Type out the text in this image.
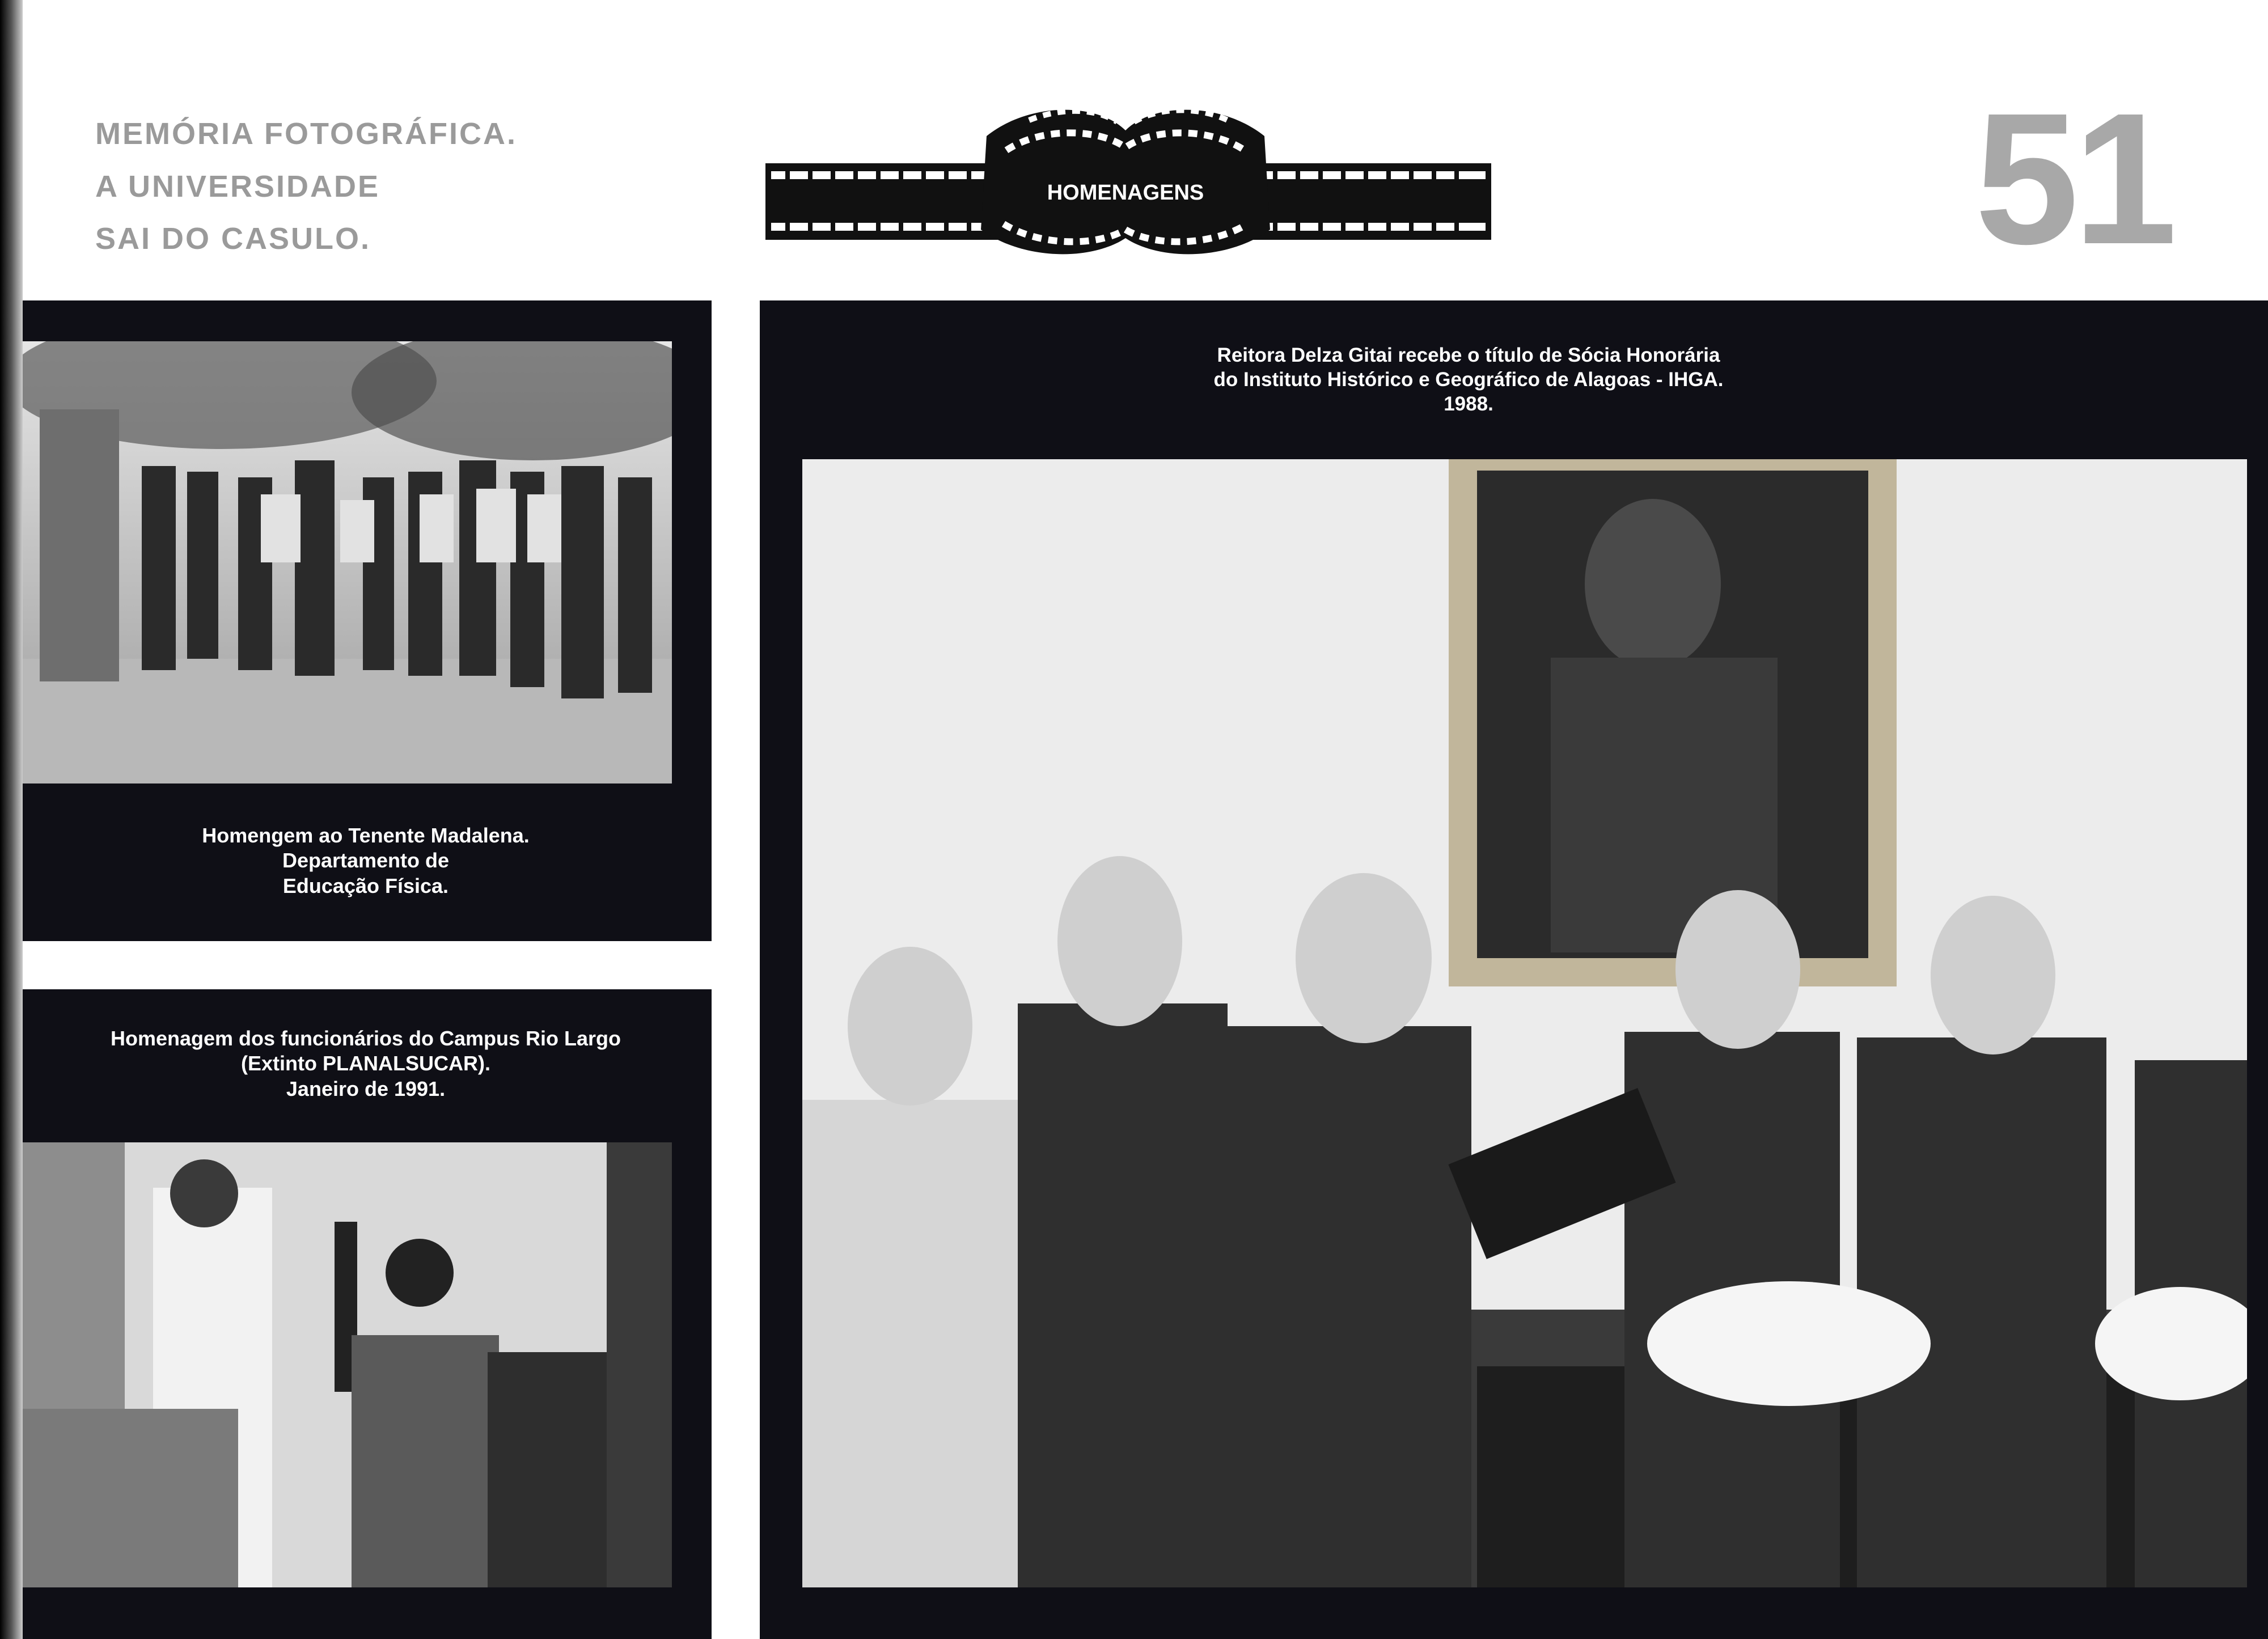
MEMÓRIA FOTOGRÁFICA.
A UNIVERSIDADE
SAI DO CASULO.
HOMENAGENS	51
Homengem ao Tenente Madalena.
Departamento de
Educação Física.
Homenagem dos funcionários do Campus Rio Largo
(Extinto PLANALSUCAR).
Janeiro de 1991.
Reitora Delza Gitai recebe o título de Sócia Honorária
do Instituto Histórico e Geográfico de Alagoas - IHGA.
1988.
